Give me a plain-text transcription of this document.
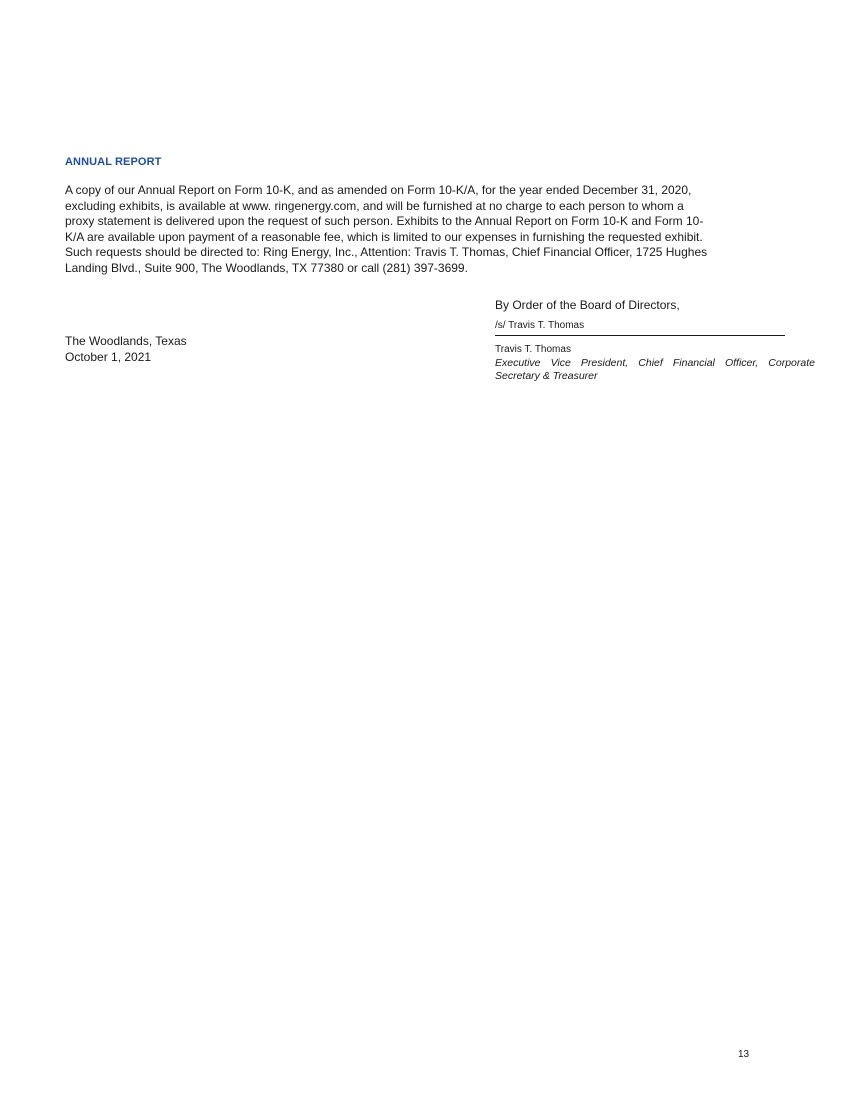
ANNUAL REPORT
A copy of our Annual Report on Form 10-K, and as amended on Form 10-K/A, for the year ended December 31, 2020,
excluding exhibits, is available at www. ringenergy.com, and will be furnished at no charge to each person to whom a
proxy statement is delivered upon the request of such person. Exhibits to the Annual Report on Form 10-K and Form 10-
K/A are available upon payment of a reasonable fee, which is limited to our expenses in furnishing the requested exhibit.
Such requests should be directed to: Ring Energy, Inc., Attention: Travis T. Thomas, Chief Financial Officer, 1725 Hughes
Landing Blvd., Suite 900, The Woodlands, TX 77380 or call (281) 397-3699.
By Order of the Board of Directors,
/s/ Travis T. Thomas
Travis T. Thomas
Executive Vice President, Chief Financial Officer, Corporate Secretary & Treasurer
The Woodlands, Texas
October 1, 2021
13
